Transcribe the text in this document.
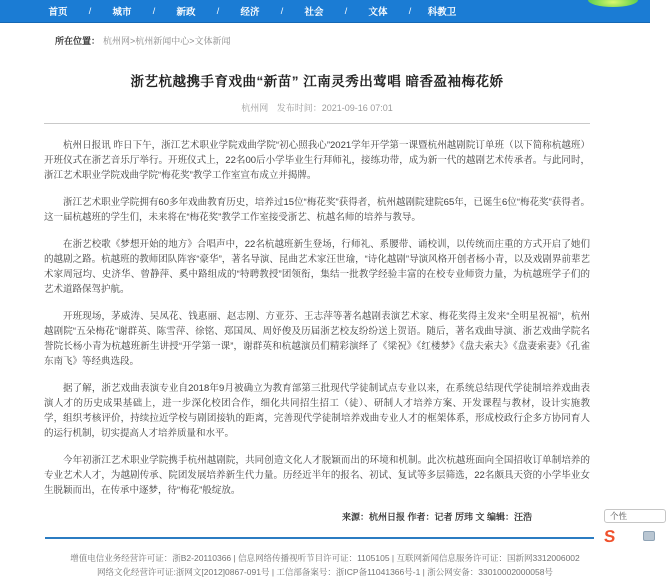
首页	/	城市	/	新政	/	经济	/	社会	/	文体	/	科教卫
所在位置： 杭州网>杭州新闻中心>文体新闻
浙艺杭越携手育戏曲“新苗” 江南灵秀出莺唱 暗香盈袖梅花娇
杭州网 发布时间：2021-09-16 07:01

杭州日报讯 昨日下午，浙江艺术职业学院戏曲学院“初心照我心”2021学年开学第一课暨杭州越剧院订单班（以下简称杭越班）开班仪式在浙艺音乐厅举行。开班仪式上，22名00后小学毕业生行拜师礼，接练功带，成为新一代的越剧艺术传承者。与此同时，浙江艺术职业学院戏曲学院“梅花奖”教学工作室宣布成立并揭牌。

浙江艺术职业学院拥有60多年戏曲教育历史，培养过15位“梅花奖”获得者，杭州越剧院建院65年，已诞生6位“梅花奖”获得者。这一届杭越班的学生们，未来将在“梅花奖”教学工作室接受浙艺、杭越名师的培养与教导。

在浙艺校歌《梦想开始的地方》合唱声中，22名杭越班新生登场，行师礼、系腰带、诵校训，以传统而庄重的方式开启了她们的越剧之路。杭越班的教师团队阵容“豪华”，著名导演、昆曲艺术家汪世瑜，“诗化越剧”导演风格开创者杨小青，以及戏剧界前辈艺术家周冠均、史济华、曾静萍、奚中路组成的“特聘教授”团领衔，集结一批教学经验丰富的在校专业师资力量，为杭越班学子们的艺术道路保驾护航。

开班现场，茅威涛、吴凤花、钱惠丽、赵志刚、方亚芬、王志萍等著名越剧表演艺术家、梅花奖得主发来“全明星祝福”，杭州越剧院“五朵梅花”谢群英、陈雪萍、徐铭、郑国凤、周妤俊及历届浙艺校友纷纷送上贺语。随后，著名戏曲导演、浙艺戏曲学院名誉院长杨小青为杭越班新生讲授“开学第一课”，谢群英和杭越演员们精彩演绎了《梁祝》《红楼梦》《盘夫索夫》《盘妻索妻》《孔雀东南飞》等经典选段。

据了解，浙艺戏曲表演专业自2018年9月被确立为教育部第三批现代学徒制试点专业以来，在系统总结现代学徒制培养戏曲表演人才的历史成果基础上，进一步深化校团合作，细化共同招生招工（徒）、研制人才培养方案、开发课程与教材，设计实施教学，组织考核评价，持续拉近学校与剧团接轨的距离，完善现代学徒制培养戏曲专业人才的框架体系，形成校政行企多方协同育人的运行机制，切实提高人才培养质量和水平。

今年初浙江艺术职业学院携手杭州越剧院，共同创造文化人才脱颖而出的环境和机制。此次杭越班面向全国招收订单制培养的专业艺术人才，为越剧传承、院团发展培养新生代力量。历经近半年的报名、初试、复试等多层筛选，22名颇具天资的小学毕业女生脱颖而出，在传承中逐梦，待“梅花”般绽放。

来源：杭州日报 作者：记者 厉玮 文 编辑：汪浩
增值电信业务经营许可证：浙B2-20110366 | 信息网络传播视听节目许可证：1105105 | 互联网新闻信息服务许可证：国新网3312006002
网络文化经营许可证:浙网文[2012]0867-091号 | 工信部备案号：浙ICP备11041366号-1 | 浙公网安备：33010002000058号
个性
S
